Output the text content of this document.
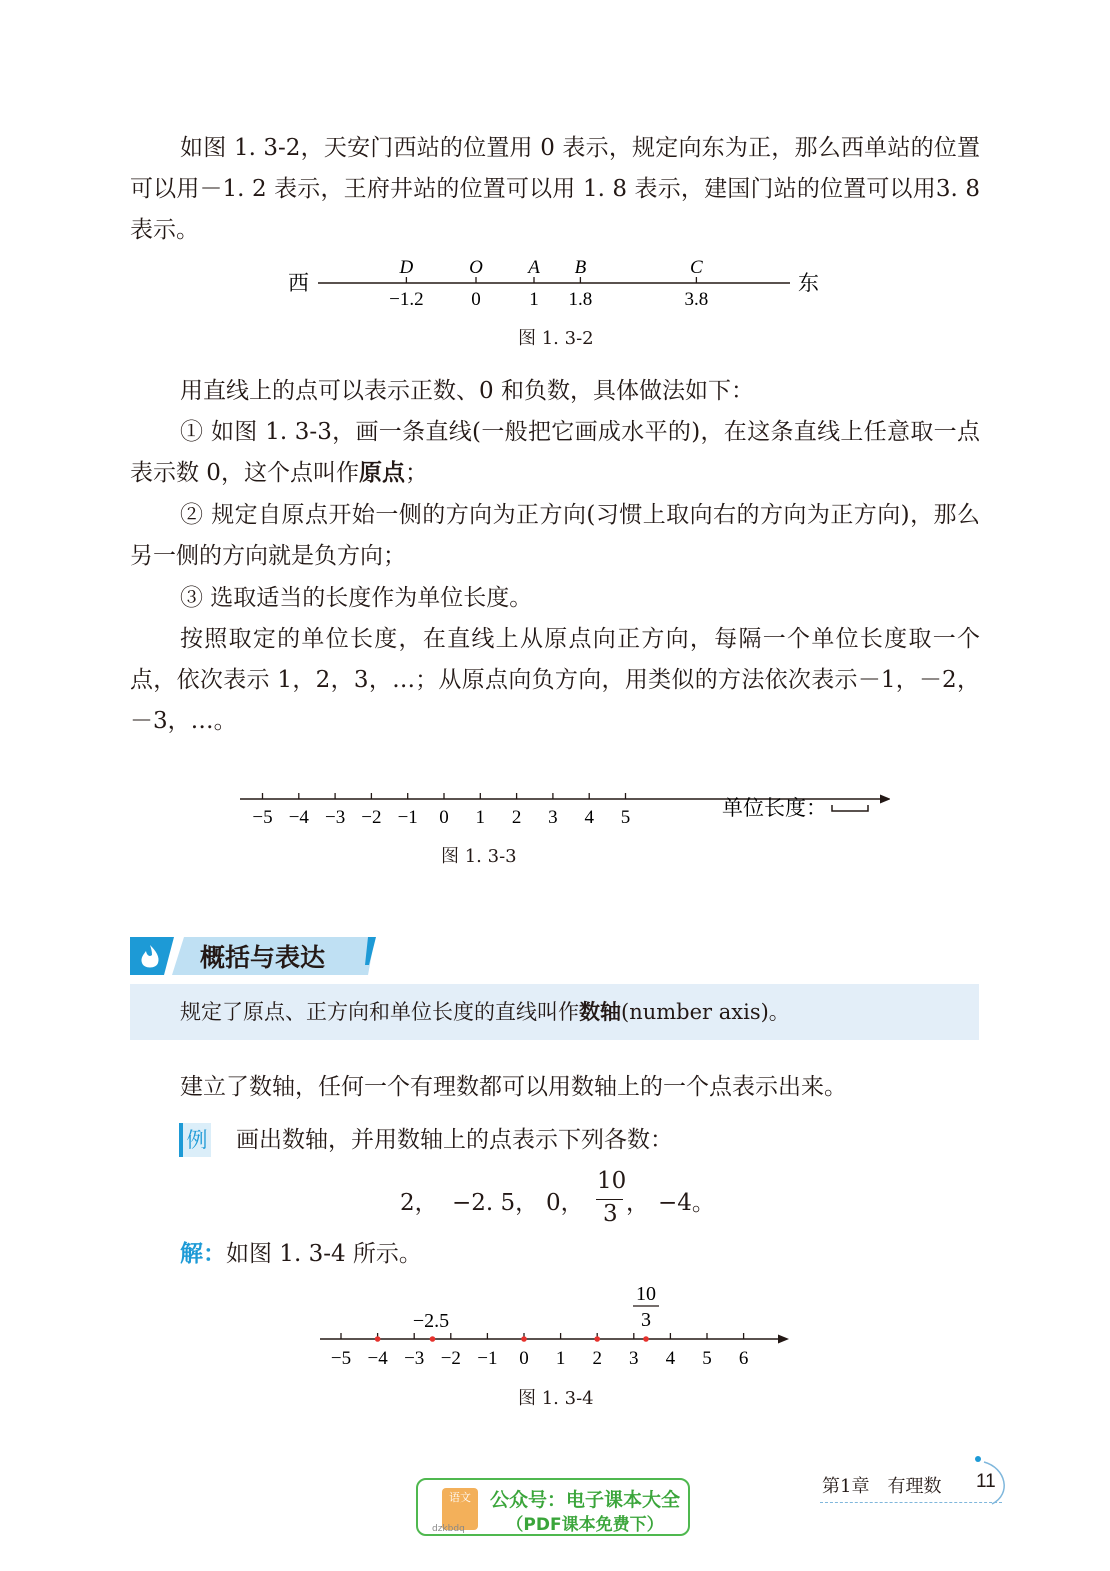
如图 1. 3-2，天安门西站的位置用 0 表示，规定向东为正，那么西单站的位置可以用－1. 2 表示，王府井站的位置可以用 1. 8 表示，建国门站的位置可以用3. 8 表示。
西	东
D
−1.2
O
0
A
1
B
1.8
C
3.8
图 1. 3-2
用直线上的点可以表示正数、0 和负数，具体做法如下：
① 如图 1. 3-3，画一条直线(一般把它画成水平的)，在这条直线上任意取一点表示数 0，这个点叫作原点；
② 规定自原点开始一侧的方向为正方向(习惯上取向右的方向为正方向)，那么另一侧的方向就是负方向；
③ 选取适当的长度作为单位长度。
按照取定的单位长度，在直线上从原点向正方向，每隔一个单位长度取一个点，依次表示 1，2，3，…；从原点向负方向，用类似的方法依次表示－1，－2，－3，…。
−5 −4 −3 −2 −1 0 1 2 3 4 5	单位长度：
图 1. 3-3
概括与表达
规定了原点、正方向和单位长度的直线叫作数轴(number axis)。
建立了数轴，任何一个有理数都可以用数轴上的一个点表示出来。
例 画出数轴，并用数轴上的点表示下列各数：
2， −2. 5， 0，
10
3 ， −4。
解：如图 1. 3-4 所示。
−2.5
10
3
−5 −4 −3 −2 −1 0 1 2 3 4 5 6
图 1. 3-4
语文
dzkbdq
公众号：电子课本大全
（PDF课本免费下）
第1章　有理数 11
